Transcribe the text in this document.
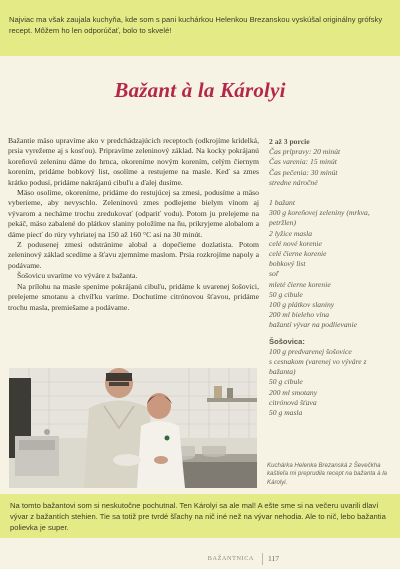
Najviac ma však zaujala kuchyňa, kde som s pani kuchárkou Helenkou Brezanskou vyskúšal originálny grófsky recept. Môžem ho len odporúčať, bolo to skvelé!
Bažant à la Károlyi

Bažantie mäso upravíme ako v predchádzajúcich receptoch (odkrojíme krídelká, prsia vyrežeme aj s kosťou). Pripravíme zeleninový základ. Na kocky pokrájanú koreňovú zeleninu dáme do hrnca, okoreníme novým korením, celým čiernym korením, pridáme bobkový list, osolíme a restujeme na masle. Keď sa zmes krátko podusí, pridáme nakrájanú cibuľu a ďalej dusíme.

Mäso osolíme, okoreníme, pridáme do restujúcej sa zmesi, podusíme a mäso vyberieme, aby nevyschlo. Zeleninovú zmes podlejeme bielym vínom aj vývarom a necháme trochu zredukovať (odpariť vodu). Potom ju prelejeme na pekáč, mäso zabalené do plátkov slaniny položíme na ňu, prikryjeme alobalom a dáme piecť do rúry vyhriatej na 150 až 160 °C asi na 30 minút.

Z podusenej zmesi odstránime alobal a dopečieme dozlatista. Potom zeleninový základ scedíme a šťavu zjemníme maslom. Prsia rozkrojíme napoly a podávame.

Šošovicu uvaríme vo výváre z bažanta.

Na prílohu na masle speníme pokrájanú cibuľu, pridáme k uvarenej šošovici, prelejeme smotanu a chvíľku varíme. Dochutíme citrónovou šťavou, pridáme trochu masla, premiešame a podávame.

2 až 3 porcie
Čas prípravy: 20 minút
Čas varenia: 15 minút
Čas pečenia: 30 minút
stredne náročné
1 bažant
300 g koreňovej zeleniny (mrkva, petržlen)
2 lyžice masla
celé nové korenie
celé čierne korenie
bobkový list
soľ
mleté čierne korenie
50 g cibule
100 g plátkov slaniny
200 ml bieleho vína
bažantí vývar na podlievanie
Šošovica:
100 g predvarenej šošovice
s cesnakom (varenej vo výváre z bažanta)
50 g cibule
200 ml smotany
citrónová šťava
50 g masla
Kuchárka Helenka Brezanská z Ševečkha kaštieľa mi preprudila recept na bažanta à la Károlyi.
Na tomto bažantovi som si neskutočne pochutnal. Ten Károlyi sa ale mal! A ešte sme si na večeru uvarili dlaví vývar z bažantích stehien. Tie sa totiž pre tvrdé šľachy na nič iné než na vývar nehodia. Ale to nič, lebo bažantia polievka je super.
BAŽANTNICA 117
